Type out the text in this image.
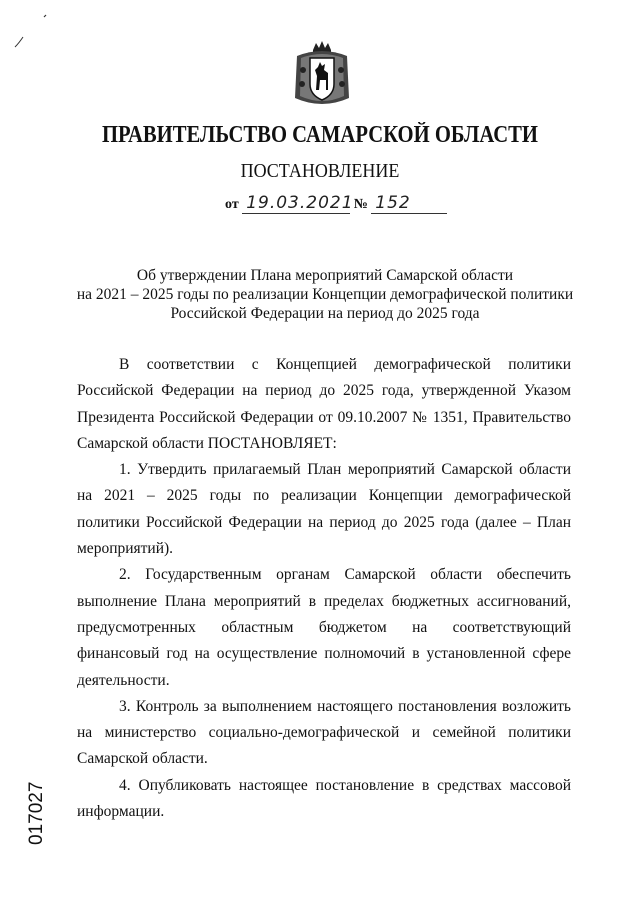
ПРАВИТЕЛЬСТВО САМАРСКОЙ ОБЛАСТИ
ПОСТАНОВЛЕНИЕ
от 19.03.2021 № 152
Об утверждении Плана мероприятий Самарской области
на 2021 – 2025 годы по реализации Концепции демографической политики
Российской Федерации на период до 2025 года

В соответствии с Концепцией демографической политики Российской Федерации на период до 2025 года, утвержденной Указом Президента Российской Федерации от 09.10.2007 № 1351, Правительство Самарской области ПОСТАНОВЛЯЕТ:

1. Утвердить прилагаемый План мероприятий Самарской области на 2021 – 2025 годы по реализации Концепции демографической политики Российской Федерации на период до 2025 года (далее – План мероприятий).

2. Государственным органам Самарской области обеспечить выполнение Плана мероприятий в пределах бюджетных ассигнований, предусмотренных областным бюджетом на соответствующий финансовый год на осуществление полномочий в установленной сфере деятельности.

3. Контроль за выполнением настоящего постановления возложить на министерство социально-демографической и семейной политики Самарской области.

4. Опубликовать настоящее постановление в средствах массовой информации.

017027
